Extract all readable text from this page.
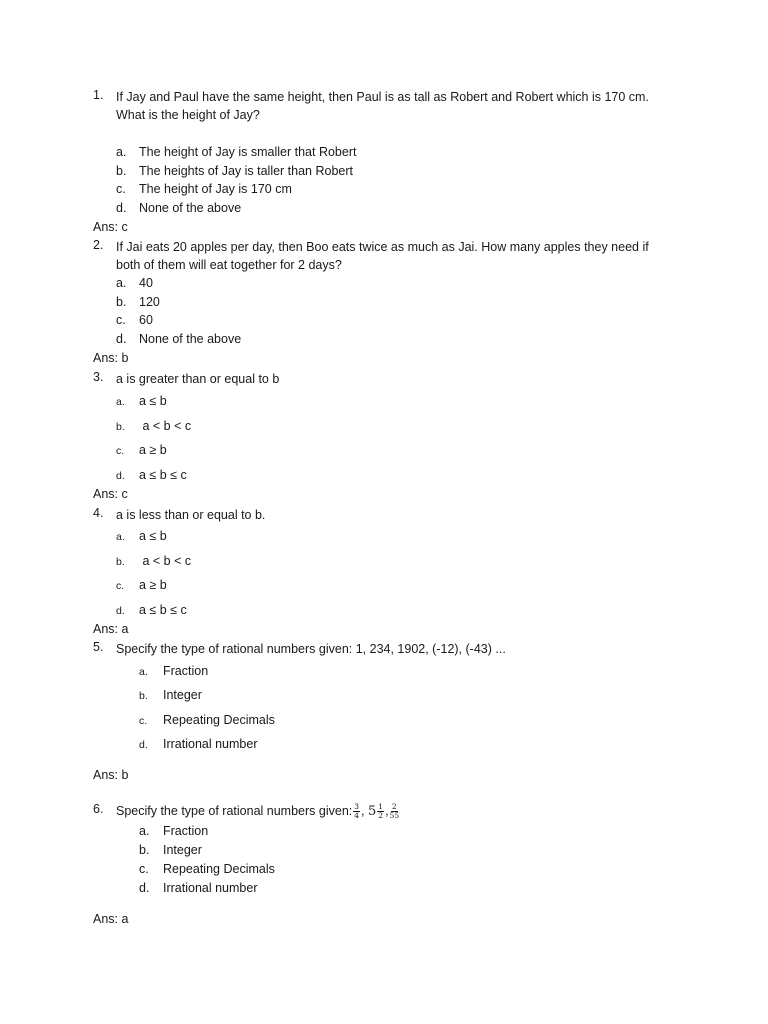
1. If Jay and Paul have the same height, then Paul is as tall as Robert and Robert which is 170 cm.
What is the height of Jay?
a. The height of Jay is smaller that Robert
b. The heights of Jay is taller than Robert
c. The height of Jay is 170 cm
d. None of the above
Ans: c
2. If Jai eats 20 apples per day, then Boo eats twice as much as Jai. How many apples they need if
both of them will eat together for 2 days?
a. 40
b. 120
c. 60
d. None of the above
Ans: b
3. a is greater than or equal to b
a. a ≤ b
b. a < b < c
c. a ≥ b
d. a ≤ b ≤ c
Ans: c
4. a is less than or equal to b.
a. a ≤ b
b. a < b < c
c. a ≥ b
d. a ≤ b ≤ c
Ans: a
5. Specify the type of rational numbers given: 1, 234, 1902, (-12), (-43) ...
a. Fraction
b. Integer
c. Repeating Decimals
d. Irrational number
Ans: b
6. Specify the type of rational numbers given: $\frac{3}{4}$ , $5 \frac{1}{2}$ , $\frac{2}{55}$
a. Fraction
b. Integer
c. Repeating Decimals
d. Irrational number
Ans: a
